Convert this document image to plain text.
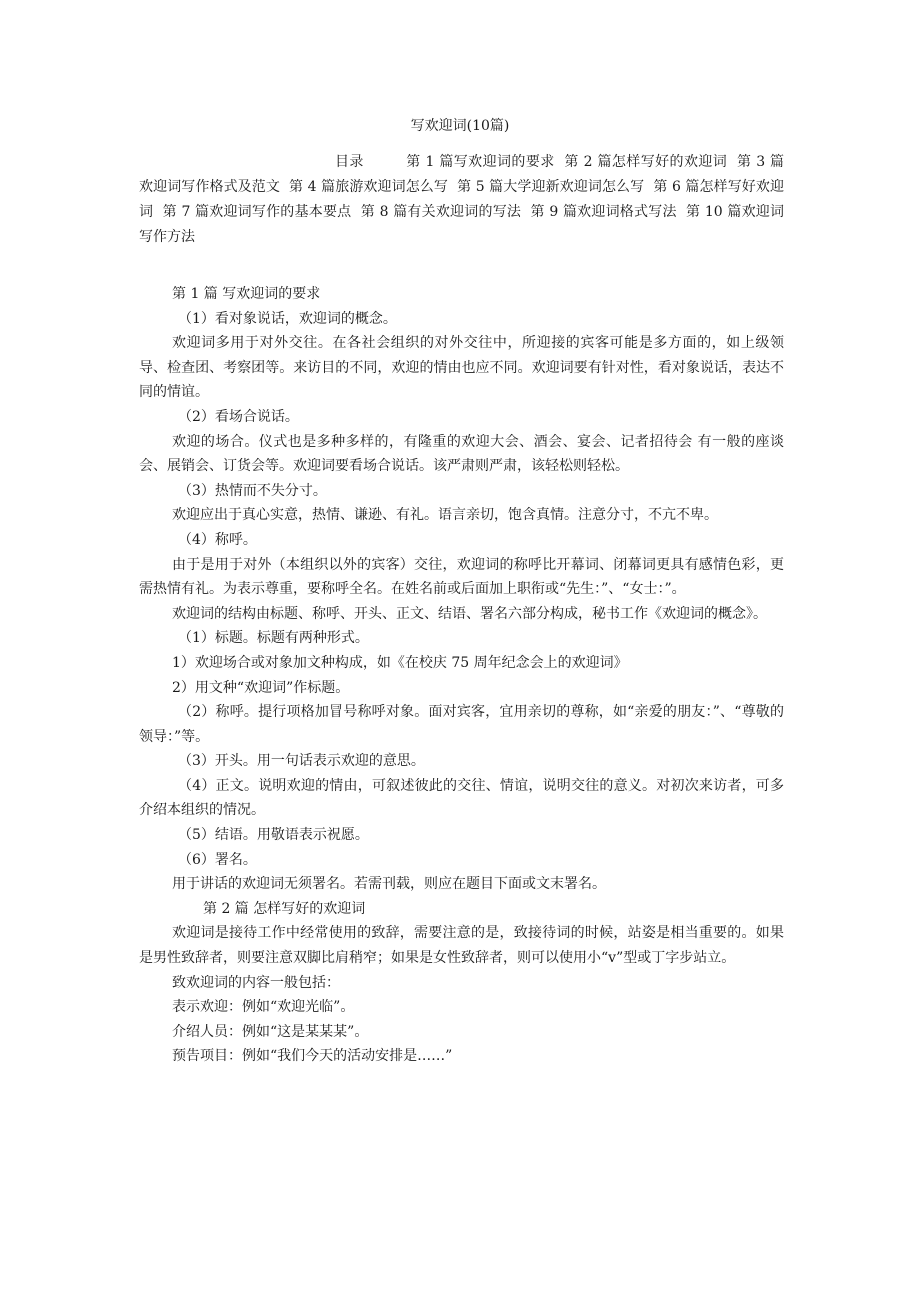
写欢迎词(10篇)
目录   	第 1 篇写欢迎词的要求 第 2 篇怎样写好的欢迎词 第 3 篇欢迎词写作格式及范文 第 4 篇旅游欢迎词怎么写 第 5 篇大学迎新欢迎词怎么写 第 6 篇怎样写好欢迎词 第 7 篇欢迎词写作的基本要点 第 8 篇有关欢迎词的写法 第 9 篇欢迎词格式写法 第 10 篇欢迎词写作方法

第 1 篇 写欢迎词的要求

（1）看对象说话，欢迎词的概念。

欢迎词多用于对外交往。在各社会组织的对外交往中，所迎接的宾客可能是多方面的，如上级领导、检查团、考察团等。来访目的不同，欢迎的情由也应不同。欢迎词要有针对性，看对象说话，表达不同的情谊。

（2）看场合说话。

欢迎的场合。仪式也是多种多样的，有隆重的欢迎大会、酒会、宴会、记者招待会 有一般的座谈会、展销会、订货会等。欢迎词要看场合说话。该严肃则严肃，该轻松则轻松。

（3）热情而不失分寸。

欢迎应出于真心实意，热情、谦逊、有礼。语言亲切，饱含真情。注意分寸，不亢不卑。

（4）称呼。

由于是用于对外（本组织以外的宾客）交往，欢迎词的称呼比开幕词、闭幕词更具有感情色彩，更需热情有礼。为表示尊重，要称呼全名。在姓名前或后面加上职衔或“先生：”、“女士：”。

欢迎词的结构由标题、称呼、开头、正文、结语、署名六部分构成，秘书工作《欢迎词的概念》。

（1）标题。标题有两种形式。

1）欢迎场合或对象加文种构成，如《在校庆 75 周年纪念会上的欢迎词》

2）用文种“欢迎词”作标题。

（2）称呼。提行项格加冒号称呼对象。面对宾客，宜用亲切的尊称，如“亲爱的朋友：”、“尊敬的领导：”等。

（3）开头。用一句话表示欢迎的意思。

（4）正文。说明欢迎的情由，可叙述彼此的交往、情谊，说明交往的意义。对初次来访者，可多介绍本组织的情况。

（5）结语。用敬语表示祝愿。

（6）署名。

用于讲话的欢迎词无须署名。若需刊载，则应在题目下面或文末署名。

第 2 篇 怎样写好的欢迎词

欢迎词是接待工作中经常使用的致辞，需要注意的是，致接待词的时候，站姿是相当重要的。如果是男性致辞者，则要注意双脚比肩稍窄；如果是女性致辞者，则可以使用小“v”型或丁字步站立。

致欢迎词的内容一般包括：

表示欢迎：例如“欢迎光临”。

介绍人员：例如“这是某某某”。

预告项目：例如“我们今天的活动安排是……”
